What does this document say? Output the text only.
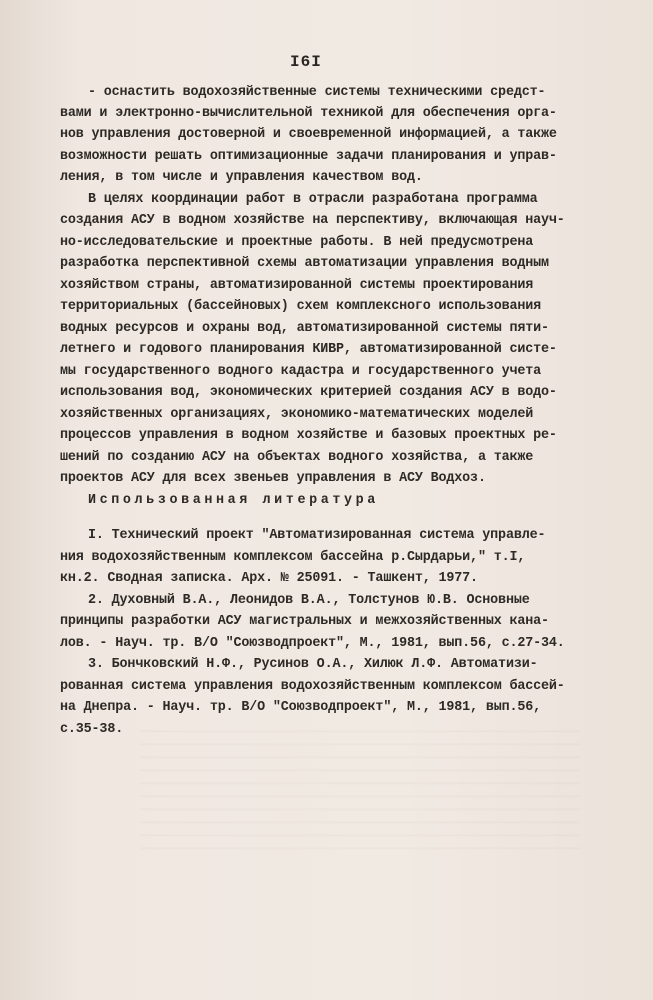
I6I
- оснастить водохозяйственные системы техническими средст-
вами и электронно-вычислительной техникой для обеспечения орга-
нов управления достоверной и своевременной информацией, а также
возможности решать оптимизационные задачи планирования и управ-
ления, в том числе и управления качеством вод.
В целях координации работ в отрасли разработана программа
создания АСУ в водном хозяйстве на перспективу, включающая науч-
но-исследовательские и проектные работы. В ней предусмотрена
разработка перспективной схемы автоматизации управления водным
хозяйством страны, автоматизированной системы проектирования
территориальных (бассейновых) схем комплексного использования
водных ресурсов и охраны вод, автоматизированной системы пяти-
летнего и годового планирования КИВР, автоматизированной систе-
мы государственного водного кадастра и государственного учета
использования вод, экономических критерией создания АСУ в водо-
хозяйственных организациях, экономико-математических моделей
процессов управления в водном хозяйстве и базовых проектных ре-
шений по созданию АСУ на объектах водного хозяйства, а также
проектов АСУ для всех звеньев управления в АСУ Водхоз.
Использованная литература
I. Технический проект "Автоматизированная система управле-
ния водохозяйственным комплексом бассейна р.Сырдарьи," т.I,
кн.2. Сводная записка. Арх. № 25091. - Ташкент, 1977.
2. Духовный В.А., Леонидов В.А., Толстунов Ю.В. Основные
принципы разработки АСУ магистральных и межхозяйственных кана-
лов. - Науч. тр. В/О "Союзводпроект", М., 1981, вып.56, с.27-34.
3. Бончковский Н.Ф., Русинов О.А., Хилюк Л.Ф. Автоматизи-
рованная система управления водохозяйственным комплексом бассей-
на Днепра. - Науч. тр. В/О "Союзводпроект", М., 1981, вып.56,
с.35-38.
